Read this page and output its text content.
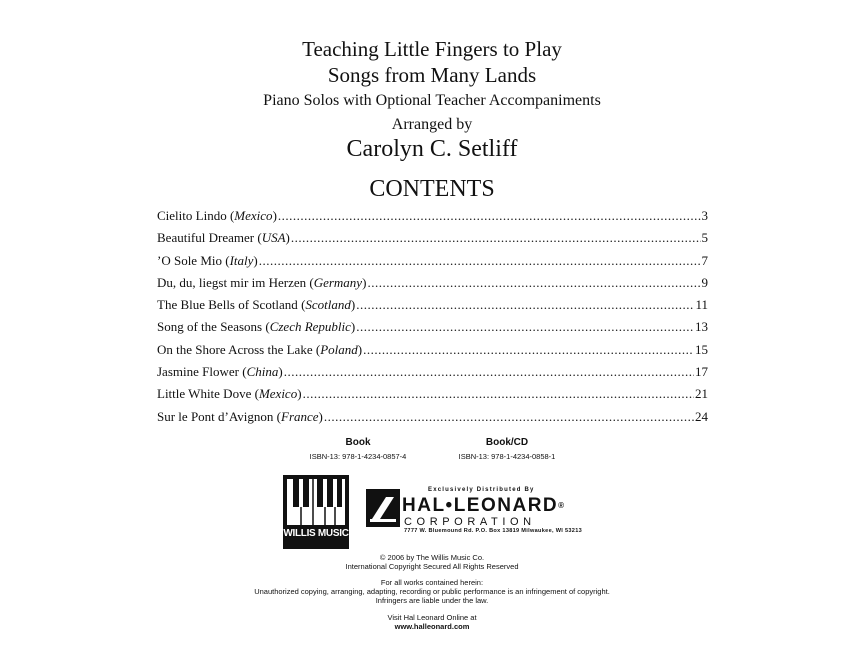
Teaching Little Fingers to Play
Songs from Many Lands
Piano Solos with Optional Teacher Accompaniments
Arranged by
Carolyn C. Setliff
CONTENTS
Cielito Lindo (Mexico) .....	3
Beautiful Dreamer (USA) .....	5
’O Sole Mio (Italy) .....	7
Du, du, liegst mir im Herzen (Germany) .....	9
The Blue Bells of Scotland (Scotland) .....	11
Song of the Seasons (Czech Republic) .....	13
On the Shore Across the Lake (Poland) .....	15
Jasmine Flower (China) .....	17
Little White Dove (Mexico) .....	21
Sur le Pont d’Avignon (France) .....	24
Book
ISBN-13: 978-1-4234-0857-4
Book/CD
ISBN-13: 978-1-4234-0858-1
WILLIS MUSIC
Exclusively Distributed By
HAL•LEONARD®
CORPORATION
7777 W. Bluemound Rd. P.O. Box 13819 Milwaukee, WI 53213
© 2006 by The Willis Music Co.
International Copyright Secured All Rights Reserved
For all works contained herein:
Unauthorized copying, arranging, adapting, recording or public performance is an infringement of copyright.
Infringers are liable under the law.
Visit Hal Leonard Online at
www.halleonard.com
